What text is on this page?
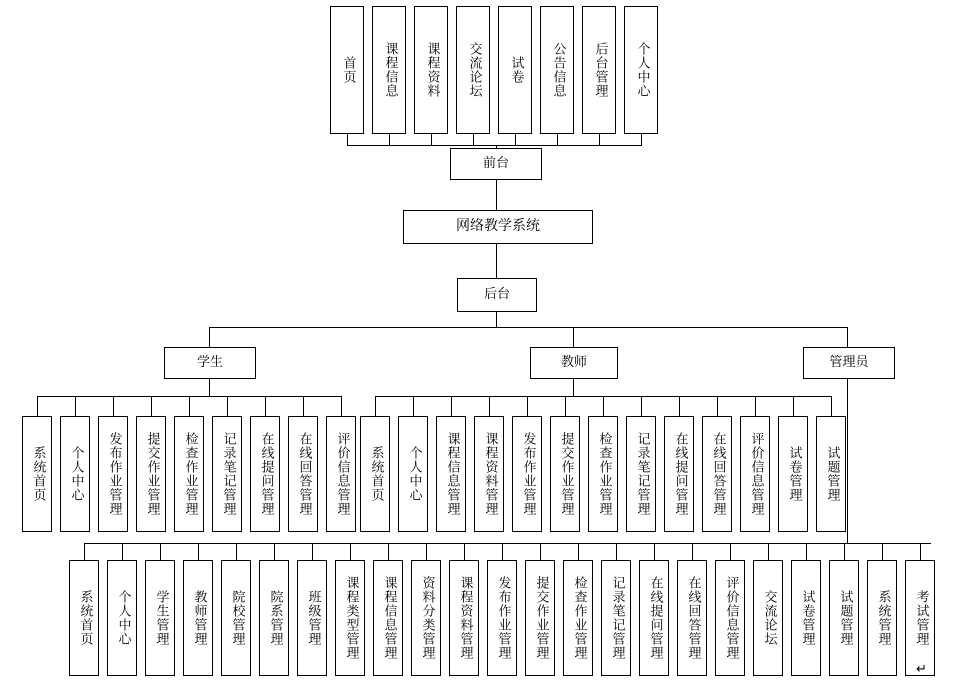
首页 课程信息 课程资料 交流论坛 试卷 公告信息 后台管理 个人中心
前台
网络教学系统
后台
学生	教师	管理员
系统首页 个人中心 发布作业管理 提交作业管理 检查作业管理 记录笔记管理 在线提问管理 在线回答管理 评价信息管理 系统首页 个人中心 课程信息管理 课程资料管理 发布作业管理 提交作业管理 检查作业管理 记录笔记管理 在线提问管理 在线回答管理 评价信息管理 试卷管理 试题管理
系统首页 个人中心 学生管理 教师管理 院校管理 院系管理 班级管理 课程类型管理 课程信息管理 资料分类管理 课程资料管理 发布作业管理 提交作业管理 检查作业管理 记录笔记管理 在线提问管理 在线回答管理 评价信息管理 交流论坛 试卷管理 试题管理 系统管理 考试管理
↵
